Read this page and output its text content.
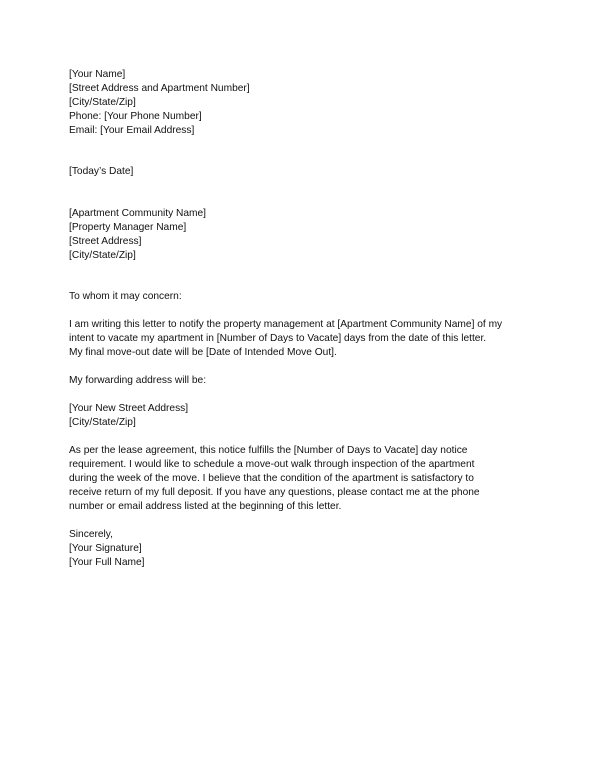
[Your Name]
[Street Address and Apartment Number]
[City/State/Zip]
Phone: [Your Phone Number]
Email: [Your Email Address]
[Today’s Date]
[Apartment Community Name]
[Property Manager Name]
[Street Address]
[City/State/Zip]
To whom it may concern:
I am writing this letter to notify the property management at [Apartment Community Name] of my
intent to vacate my apartment in [Number of Days to Vacate] days from the date of this letter.
My final move-out date will be [Date of Intended Move Out].
My forwarding address will be:
[Your New Street Address]
[City/State/Zip]
As per the lease agreement, this notice fulfills the [Number of Days to Vacate] day notice
requirement. I would like to schedule a move-out walk through inspection of the apartment
during the week of the move. I believe that the condition of the apartment is satisfactory to
receive return of my full deposit. If you have any questions, please contact me at the phone
number or email address listed at the beginning of this letter.
Sincerely,
[Your Signature]
[Your Full Name]
